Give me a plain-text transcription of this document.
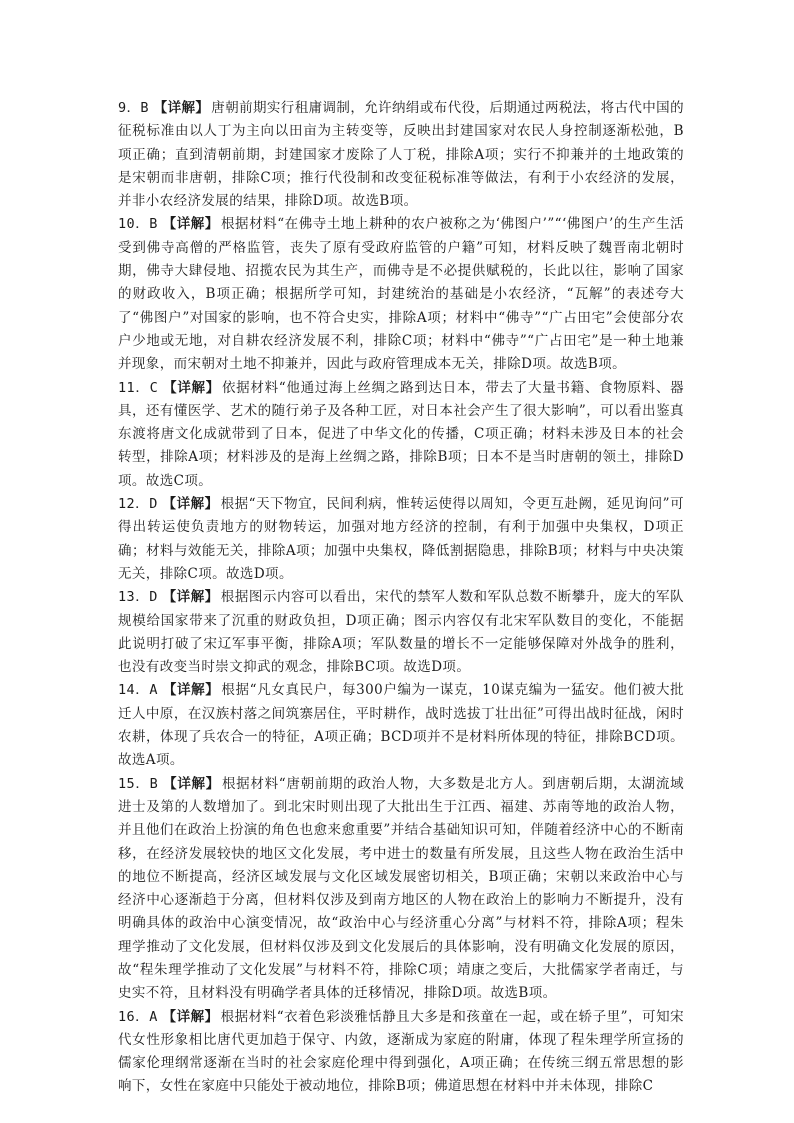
9．B 【详解】 唐朝前期实行租庸调制，允许纳绢或布代役，后期通过两税法，将古代中国的征税标准由以人丁为主向以田亩为主转变等，反映出封建国家对农民人身控制逐渐松弛，B项正确；直到清朝前期，封建国家才废除了人丁税，排除A项；实行不抑兼并的土地政策的是宋朝而非唐朝，排除C项；推行代役制和改变征税标准等做法，有利于小农经济的发展，并非小农经济发展的结果，排除D项。故选B项。

10．B 【详解】 根据材料“在佛寺土地上耕种的农户被称之为‘佛图户’”“‘佛图户’的生产生活受到佛寺高僧的严格监管，丧失了原有受政府监管的户籍”可知，材料反映了魏晋南北朝时期，佛寺大肆侵地、招揽农民为其生产，而佛寺是不必提供赋税的，长此以往，影响了国家的财政收入，B项正确；根据所学可知，封建统治的基础是小农经济，“瓦解”的表述夸大了“佛图户”对国家的影响，也不符合史实，排除A项；材料中“佛寺”“广占田宅”会使部分农户少地或无地，对自耕农经济发展不利，排除C项；材料中“佛寺”“广占田宅”是一种土地兼并现象，而宋朝对土地不抑兼并，因此与政府管理成本无关，排除D项。故选B项。

11．C 【详解】 依据材料“他通过海上丝绸之路到达日本，带去了大量书籍、食物原料、器具，还有懂医学、艺术的随行弟子及各种工匠，对日本社会产生了很大影响”，可以看出鉴真东渡将唐文化成就带到了日本，促进了中华文化的传播，C项正确；材料未涉及日本的社会转型，排除A项；材料涉及的是海上丝绸之路，排除B项；日本不是当时唐朝的领土，排除D项。故选C项。

12．D 【详解】 根据“天下物宜，民间利病，惟转运使得以周知，令更互赴阙，延见询问”可得出转运使负责地方的财物转运，加强对地方经济的控制，有利于加强中央集权，D项正确；材料与效能无关，排除A项；加强中央集权，降低割据隐患，排除B项；材料与中央决策无关，排除C项。故选D项。

13．D 【详解】 根据图示内容可以看出，宋代的禁军人数和军队总数不断攀升，庞大的军队规模给国家带来了沉重的财政负担，D项正确；图示内容仅有北宋军队数目的变化，不能据此说明打破了宋辽军事平衡，排除A项；军队数量的增长不一定能够保障对外战争的胜利，也没有改变当时崇文抑武的观念，排除BC项。故选D项。

14．A 【详解】 根据“凡女真民户，每300户编为一谋克，10谋克编为一猛安。他们被大批迁人中原，在汉族村落之间筑寨居住，平时耕作，战时选拔丁壮出征”可得出战时征战，闲时农耕，体现了兵农合一的特征，A项正确；BCD项并不是材料所体现的特征，排除BCD项。故选A项。

15．B 【详解】 根据材料“唐朝前期的政治人物，大多数是北方人。到唐朝后期，太湖流域进士及第的人数增加了。到北宋时则出现了大批出生于江西、福建、苏南等地的政治人物，并且他们在政治上扮演的角色也愈来愈重要”并结合基础知识可知，伴随着经济中心的不断南移，在经济发展较快的地区文化发展，考中进士的数量有所发展，且这些人物在政治生活中的地位不断提高，经济区域发展与文化区域发展密切相关，B项正确；宋朝以来政治中心与经济中心逐渐趋于分离，但材料仅涉及到南方地区的人物在政治上的影响力不断提升，没有明确具体的政治中心演变情况，故“政治中心与经济重心分离”与材料不符，排除A项；程朱理学推动了文化发展，但材料仅涉及到文化发展后的具体影响，没有明确文化发展的原因，故“程朱理学推动了文化发展”与材料不符，排除C项；靖康之变后，大批儒家学者南迁，与史实不符，且材料没有明确学者具体的迁移情况，排除D项。故选B项。

16．A 【详解】 根据材料“衣着色彩淡雅恬静且大多是和孩童在一起，或在轿子里”，可知宋代女性形象相比唐代更加趋于保守、内敛，逐渐成为家庭的附庸，体现了程朱理学所宣扬的儒家伦理纲常逐渐在当时的社会家庭伦理中得到强化，A项正确；在传统三纲五常思想的影响下，女性在家庭中只能处于被动地位，排除B项；佛道思想在材料中并未体现，排除C
